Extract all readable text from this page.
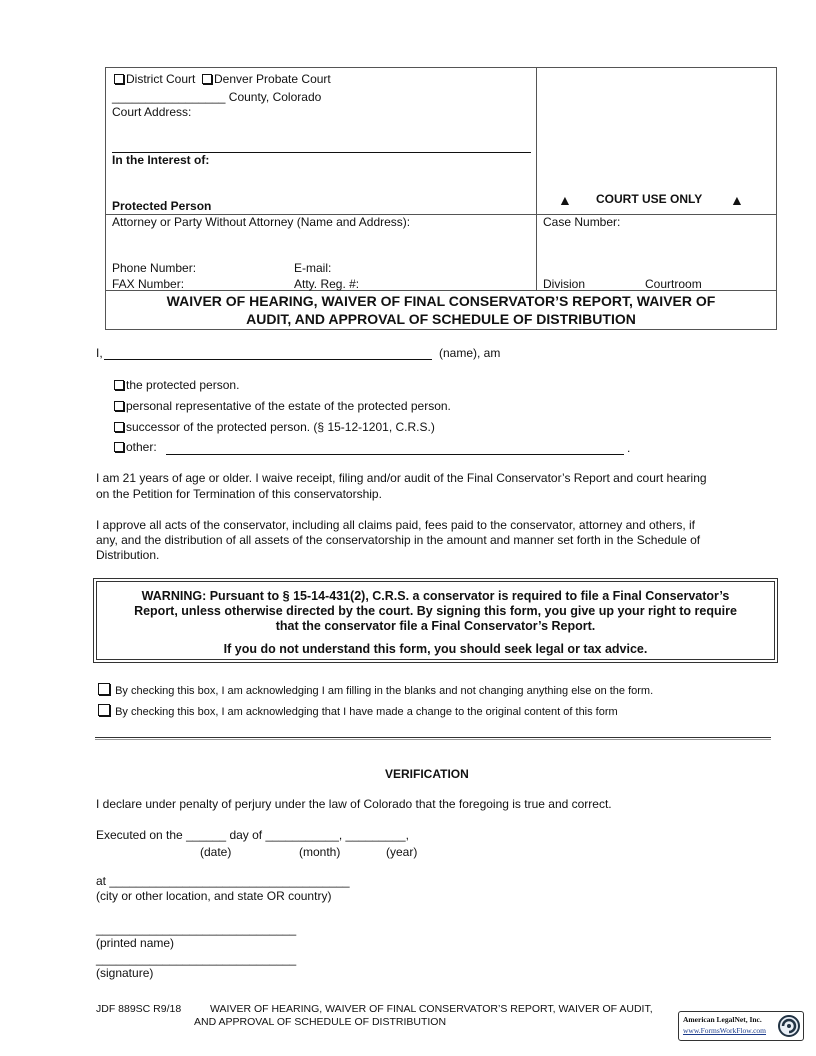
District Court Denver Probate Court
_________________ County, Colorado
Court Address:
In the Interest of:
Protected Person	▲ COURT USE ONLY ▲
Attorney or Party Without Attorney (Name and Address):	Case Number:
Phone Number:	E-mail:
FAX Number:	Atty. Reg. #:	Division	Courtroom
WAIVER OF HEARING, WAIVER OF FINAL CONSERVATOR’S REPORT, WAIVER OF
AUDIT, AND APPROVAL OF SCHEDULE OF DISTRIBUTION
I,	(name), am
the protected person.
personal representative of the estate of the protected person.
successor of the protected person. (§ 15-12-1201, C.R.S.)
other:	.
I am 21 years of age or older. I waive receipt, filing and/or audit of the Final Conservator’s Report and court hearing
on the Petition for Termination of this conservatorship.
I approve all acts of the conservator, including all claims paid, fees paid to the conservator, attorney and others, if
any, and the distribution of all assets of the conservatorship in the amount and manner set forth in the Schedule of
Distribution.
WARNING: Pursuant to § 15-14-431(2), C.R.S. a conservator is required to file a Final Conservator’s
Report, unless otherwise directed by the court. By signing this form, you give up your right to require
that the conservator file a Final Conservator’s Report.
If you do not understand this form, you should seek legal or tax advice.
By checking this box, I am acknowledging I am filling in the blanks and not changing anything else on the form.
By checking this box, I am acknowledging that I have made a change to the original content of this form
VERIFICATION
I declare under penalty of perjury under the law of Colorado that the foregoing is true and correct.
Executed on the ______ day of ___________, _________,
(date)	(month)	(year)
at ____________________________________
(city or other location, and state OR country)
______________________________
(printed name)
______________________________
(signature)
JDF 889SC R9/18	WAIVER OF HEARING, WAIVER OF FINAL CONSERVATOR’S REPORT, WAIVER OF AUDIT,
AND APPROVAL OF SCHEDULE OF DISTRIBUTION	American LegalNet, Inc.
www.FormsWorkFlow.com
